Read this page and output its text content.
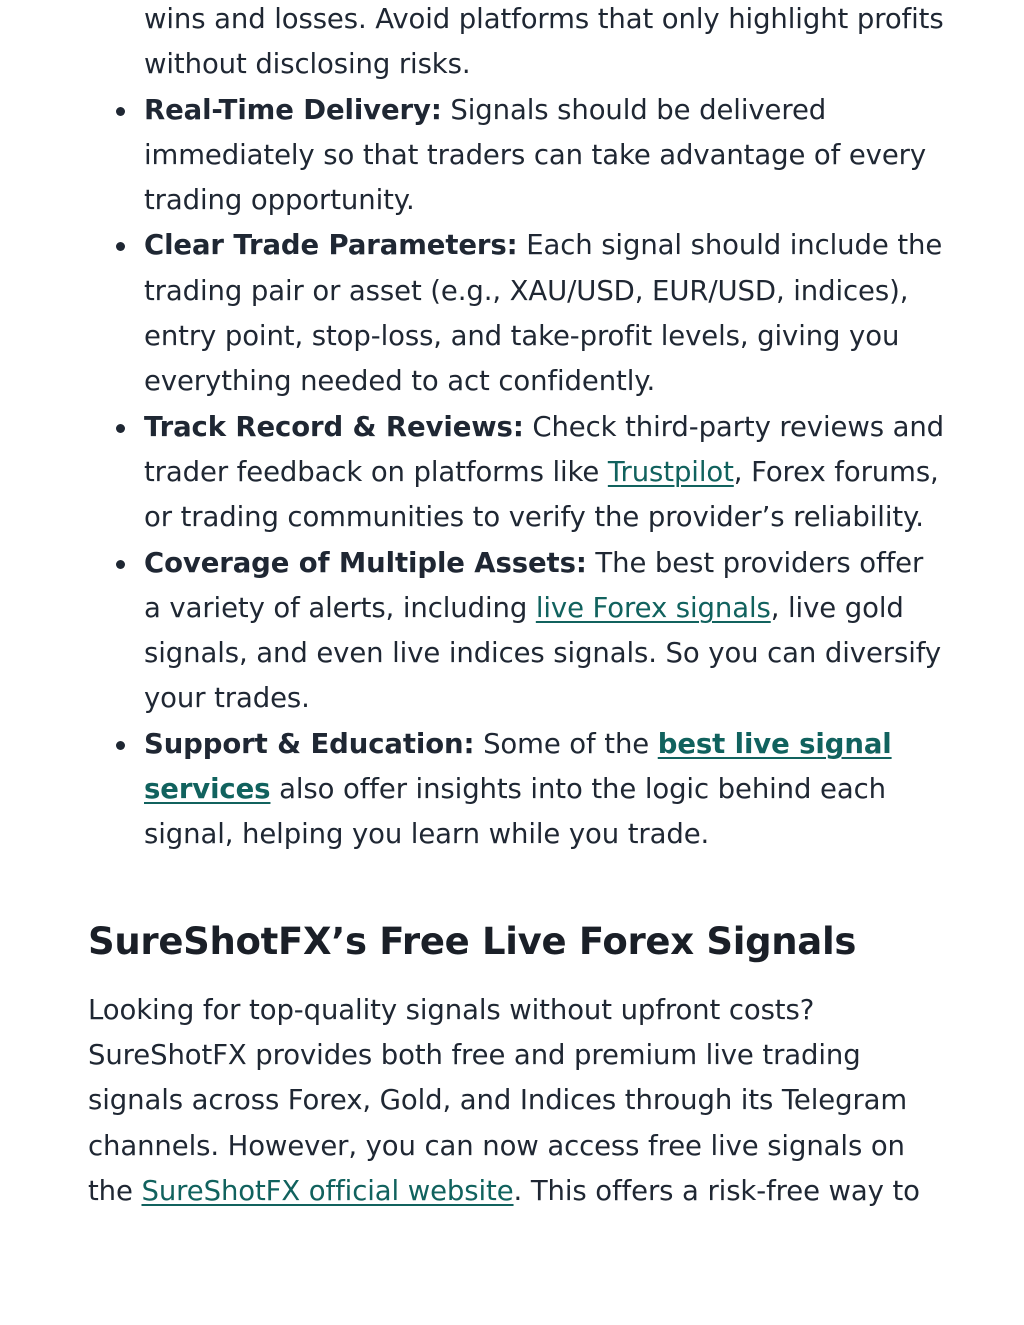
wins and losses. Avoid platforms that only highlight profits without disclosing risks.
Real-Time Delivery: Signals should be delivered immediately so that traders can take advantage of every trading opportunity.
Clear Trade Parameters: Each signal should include the trading pair or asset (e.g., XAU/USD, EUR/USD, indices), entry point, stop-loss, and take-profit levels, giving you everything needed to act confidently.
Track Record & Reviews: Check third-party reviews and trader feedback on platforms like Trustpilot, Forex forums, or trading communities to verify the provider’s reliability.
Coverage of Multiple Assets: The best providers offer a variety of alerts, including live Forex signals, live gold signals, and even live indices signals. So you can diversify your trades.
Support & Education: Some of the best live signal services also offer insights into the logic behind each signal, helping you learn while you trade.
SureShotFX’s Free Live Forex Signals

Looking for top-quality signals without upfront costs? SureShotFX provides both free and premium live trading signals across Forex, Gold, and Indices through its Telegram channels. However, you can now access free live signals on the SureShotFX official website. This offers a risk-free way to
